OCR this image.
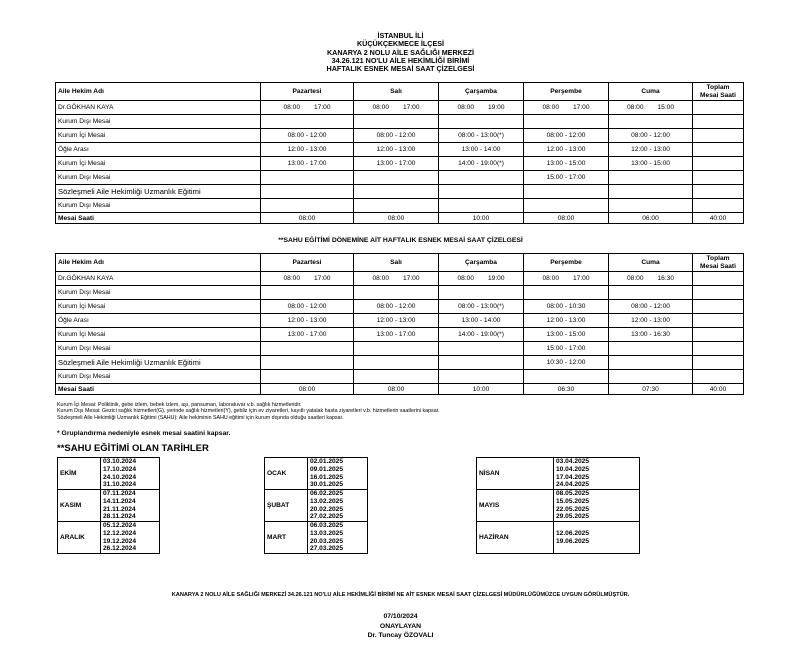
İSTANBUL İLİ
KÜÇÜKÇEKMECE İLÇESİ
KANARYA 2 NOLU AİLE SAĞLIĞI MERKEZİ
34.26.121 NO'LU AİLE HEKİMLİĞİ BİRİMİ
HAFTALIK ESNEK MESAİ SAAT ÇİZELGESİ
Aile Hekim Adı	Pazartesi	Salı	Çarşamba	Perşembe	Cuma	Toplam
Mesai Saati
Dr.GÖKHAN KAYA	08:00 17:00	08:00 17:00	08:00 19:00	08:00 17:00	08:00 15:00	
Kurum Dışı Mesai						
Kurum İçi Mesai	08:00 - 12:00	08:00 - 12:00	08:00 - 13:00(*)	08:00 - 12:00	08:00 - 12:00	
Öğle Arası	12:00 - 13:00	12:00 - 13:00	13:00 - 14:00	12:00 - 13:00	12:00 - 13:00	
Kurum İçi Mesai	13:00 - 17:00	13:00 - 17:00	14:00 - 19:00(*)	13:00 - 15:00	13:00 - 15:00	
Kurum Dışı Mesai				15:00 - 17:00		
Sözleşmeli Aile Hekimliği Uzmanlık Eğitimi						
Kurum Dışı Mesai						
Mesai Saati	08:00	08:00	10:00	08:00	06:00	40:00
**SAHU EĞİTİMİ DÖNEMİNE AİT HAFTALIK ESNEK MESAİ SAAT ÇİZELGESİ
Aile Hekim Adı	Pazartesi	Salı	Çarşamba	Perşembe	Cuma	Toplam
Mesai Saati
Dr.GÖKHAN KAYA	08:00 17:00	08:00 17:00	08:00 19:00	08:00 17:00	08:00 16:30	
Kurum Dışı Mesai						
Kurum İçi Mesai	08:00 - 12:00	08:00 - 12:00	08:00 - 13:00(*)	08:00 - 10:30	08:00 - 12:00	
Öğle Arası	12:00 - 13:00	12:00 - 13:00	13:00 - 14:00	12:00 - 13:00	12:00 - 13:00	
Kurum İçi Mesai	13:00 - 17:00	13:00 - 17:00	14:00 - 19:00(*)	13:00 - 15:00	13:00 - 16:30	
Kurum Dışı Mesai				15:00 - 17:00		
Sözleşmeli Aile Hekimliği Uzmanlık Eğitimi				10:30 - 12:00		
Kurum Dışı Mesai						
Mesai Saati	08:00	08:00	10:00	06:30	07:30	40:00
Kurum İçi Mesai: Poliklinik, gebe izlem, bebek izlem, aşı, pansuman, laboratuvar v.b. sağlık hizmetleridir.
Kurum Dışı Mesai: Gezici sağlık hizmetleri(G), yerinde sağlık hizmetleri(Y), gebliz için ev ziyaretleri, kayıtlı yatalak hasta ziyaretleri v.b. hizmetlerin saatlerini kapsar.
Sözleşmeli Aile Hekimliği Uzmanlık Eğitimi (SAHU): Aile hekiminin SAHU eğitimi için kurum dışında olduğu saatleri kapsar.
* Gruplandırma nedeniyle esnek mesai saatini kapsar.
**SAHU EĞİTİMİ OLAN TARİHLER
EKİM	03.10.2024
17.10.2024
24.10.2024
31.10.2024
KASIM	07.11.2024
14.11.2024
21.11.2024
28.11.2024
ARALIK	05.12.2024
12.12.2024
19.12.2024
26.12.2024
OCAK	02.01.2025
09.01.2025
16.01.2025
30.01.2025
ŞUBAT	06.02.2025
13.02.2025
20.02.2025
27.02.2025
MART	06.03.2025
13.03.2025
20.03.2025
27.03.2025
NİSAN	03.04.2025
10.04.2025
17.04.2025
24.04.2025
MAYIS	08.05.2025
15.05.2025
22.05.2025
29.05.2025
HAZİRAN	12.06.2025
19.06.2025
KANARYA 2 NOLU AİLE SAĞLIĞI MERKEZİ 34.26.121 NO'LU AİLE HEKİMLİĞİ BİRİMİ NE AİT ESNEK MESAİ SAAT ÇİZELGESİ MÜDÜRLÜĞÜMÜZCE UYGUN GÖRÜLMÜŞTÜR.
07/10/2024
ONAYLAYAN
Dr. Tuncay ÖZOVALI
